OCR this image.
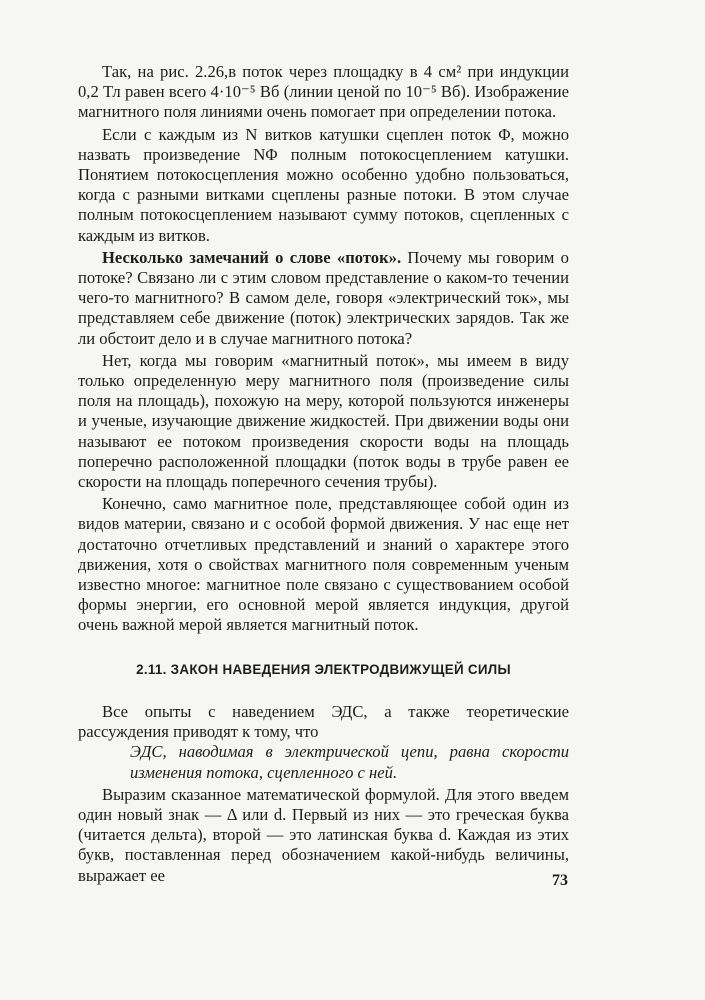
Так, на рис. 2.26,в поток через площадку в 4 см² при индукции 0,2 Тл равен всего 4·10⁻⁵ Вб (линии ценой по 10⁻⁵ Вб). Изображение магнитного поля линиями очень помогает при определении потока.

Если с каждым из N витков катушки сцеплен поток Φ, можно назвать произведение NΦ полным потокосцеплением катушки. Понятием потокосцепления можно особенно удобно пользоваться, когда с разными витками сцеплены разные потоки. В этом случае полным потокосцеплением называют сумму потоков, сцепленных с каждым из витков.

Несколько замечаний о слове «поток». Почему мы говорим о потоке? Связано ли с этим словом представление о каком-то течении чего-то магнитного? В самом деле, говоря «электрический ток», мы представляем себе движение (поток) электрических зарядов. Так же ли обстоит дело и в случае магнитного потока?

Нет, когда мы говорим «магнитный поток», мы имеем в виду только определенную меру магнитного поля (произведение силы поля на площадь), похожую на меру, которой пользуются инженеры и ученые, изучающие движение жидкостей. При движении воды они называют ее потоком произведения скорости воды на площадь поперечно расположенной площадки (поток воды в трубе равен ее скорости на площадь поперечного сечения трубы).

Конечно, само магнитное поле, представляющее собой один из видов материи, связано и с особой формой движения. У нас еще нет достаточно отчетливых представлений и знаний о характере этого движения, хотя о свойствах магнитного поля современным ученым известно многое: магнитное поле связано с существованием особой формы энергии, его основной мерой является индукция, другой очень важной мерой является магнитный поток.

2.11. ЗАКОН НАВЕДЕНИЯ ЭЛЕКТРОДВИЖУЩЕЙ СИЛЫ

Все опыты с наведением ЭДС, а также теоретические рассуждения приводят к тому, что

ЭДС, наводимая в электрической цепи, равна скорости изменения потока, сцепленного с ней.

Выразим сказанное математической формулой. Для этого введем один новый знак — Δ или d. Первый из них — это греческая буква (читается дельта), второй — это латинская буква d. Каждая из этих букв, поставленная перед обозначением какой-нибудь величины, выражает ее	73
